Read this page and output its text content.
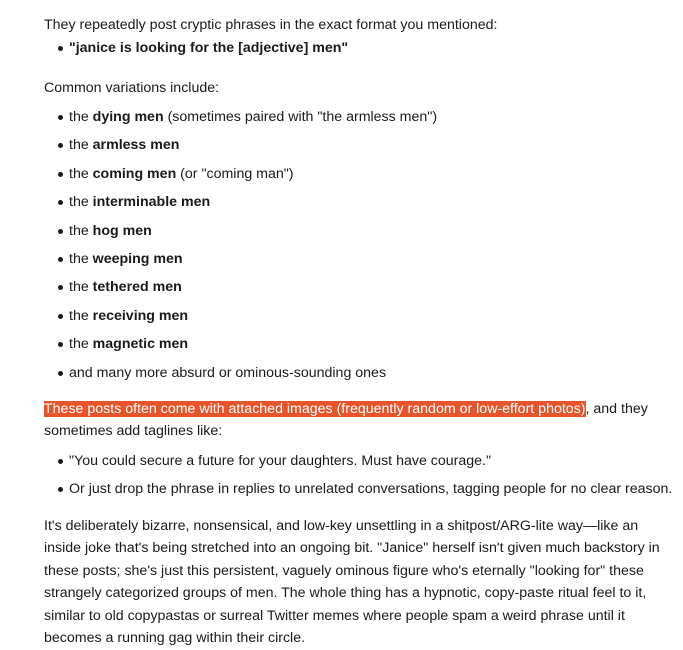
They repeatedly post cryptic phrases in the exact format you mentioned:

"janice is looking for the [adjective] men"

Common variations include:

the dying men (sometimes paired with "the armless men")
the armless men
the coming men (or "coming man")
the interminable men
the hog men
the weeping men
the tethered men
the receiving men
the magnetic men
and many more absurd or ominous-sounding ones

These posts often come with attached images (frequently random or low-effort photos), and they sometimes add taglines like:

"You could secure a future for your daughters. Must have courage."
Or just drop the phrase in replies to unrelated conversations, tagging people for no clear reason.

It's deliberately bizarre, nonsensical, and low-key unsettling in a shitpost/ARG-lite way—like an inside joke that's being stretched into an ongoing bit. "Janice" herself isn't given much backstory in these posts; she's just this persistent, vaguely ominous figure who's eternally "looking for" these strangely categorized groups of men. The whole thing has a hypnotic, copy-paste ritual feel to it, similar to old copypastas or surreal Twitter memes where people spam a weird phrase until it becomes a running gag within their circle.
